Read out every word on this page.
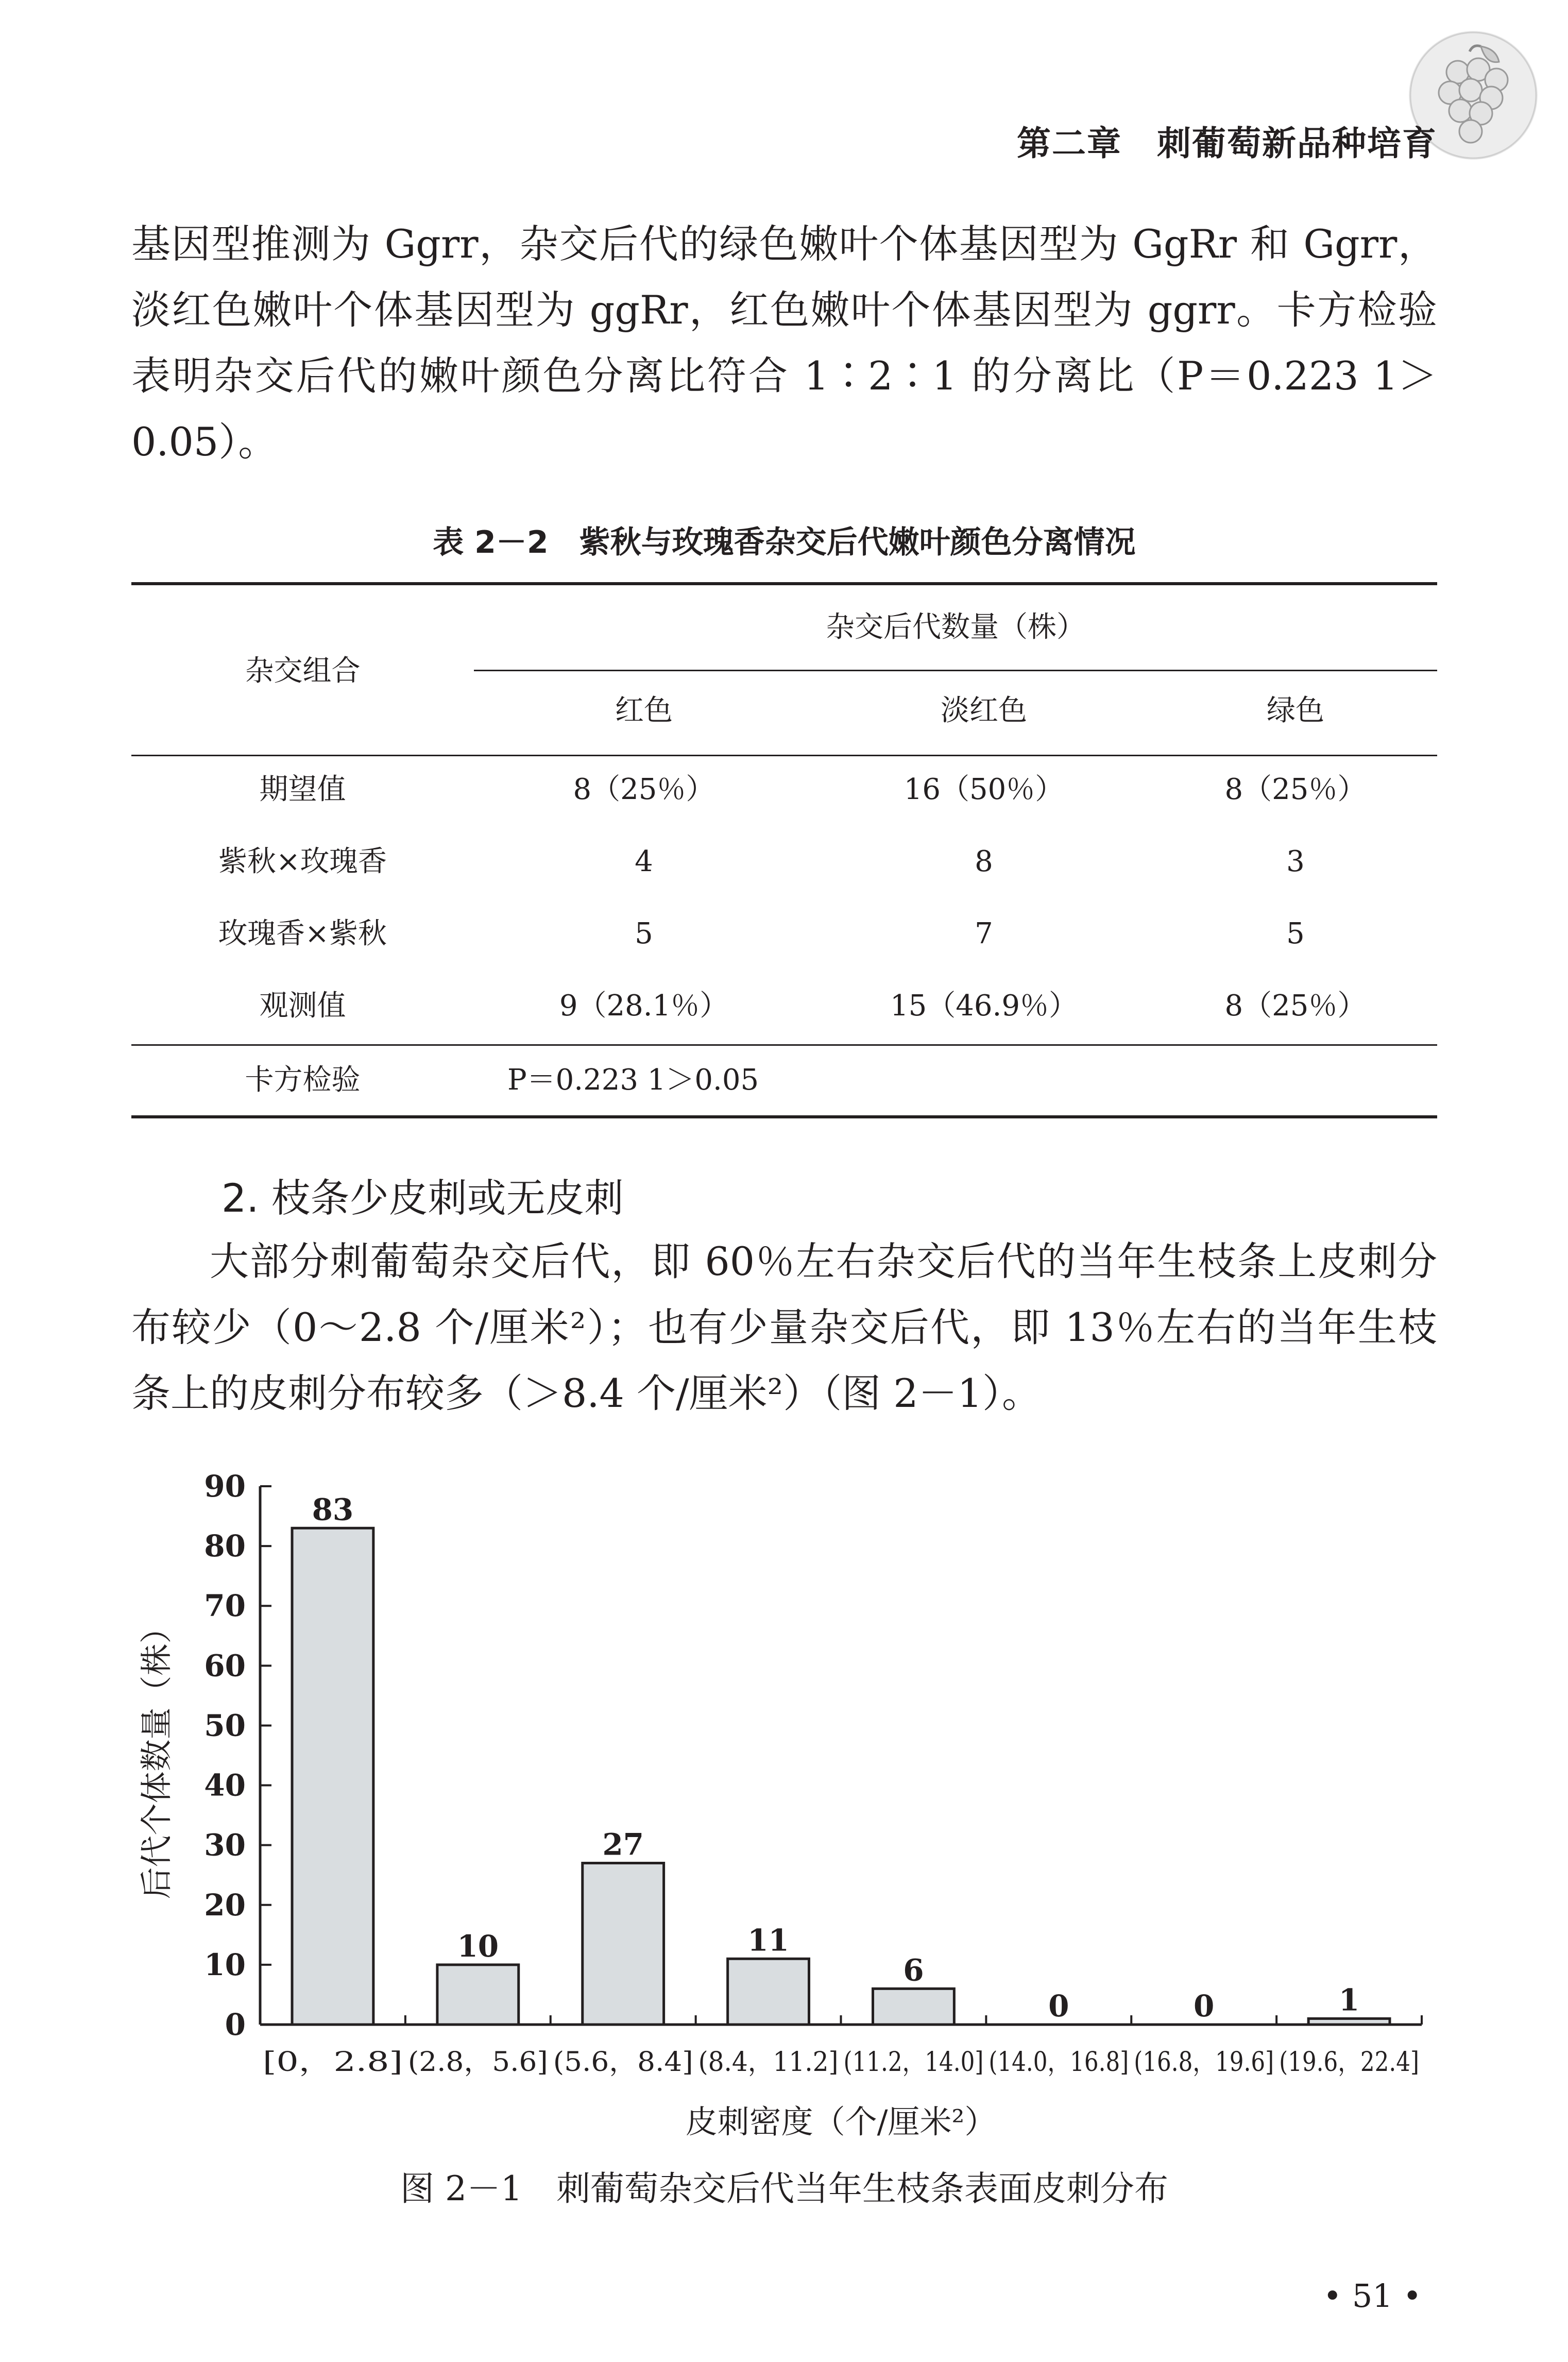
第二章　刺葡萄新品种培育
基因型推测为 Ggrr，杂交后代的绿色嫩叶个体基因型为 GgRr 和 Ggrr，淡红色嫩叶个体基因型为 ggRr，红色嫩叶个体基因型为 ggrr。卡方检验表明杂交后代的嫩叶颜色分离比符合 1∶2∶1 的分离比（P＝0.223 1＞0.05）。
表 2－2　紫秋与玫瑰香杂交后代嫩叶颜色分离情况
杂交组合
杂交后代数量（株）
红色	淡红色	绿色
期望值	8（25％）	16（50％）	8（25％）
紫秋×玫瑰香	4	8	3
玫瑰香×紫秋	5	7	5
观测值	9（28.1％）	15（46.9％）	8（25％）
卡方检验	P＝0.223 1＞0.05
2. 枝条少皮刺或无皮刺
大部分刺葡萄杂交后代，即 60％左右杂交后代的当年生枝条上皮刺分布较少（0～2.8 个/厘米²）；也有少量杂交后代，即 13％左右的当年生枝条上的皮刺分布较多（＞8.4 个/厘米²）（图 2－1）。
0
10
20
30
40
50
60
70
80
90
83
[0，2.8]
10
(2.8，5.6]
27
(5.6，8.4]
11
(8.4，11.2]
6
(11.2，14.0]
0
(14.0，16.8]
0
(16.8，19.6]
1
(19.6，22.4]
皮刺密度（个/厘米²）
后代个体数量（株）
图 2－1　刺葡萄杂交后代当年生枝条表面皮刺分布
• 51 •
